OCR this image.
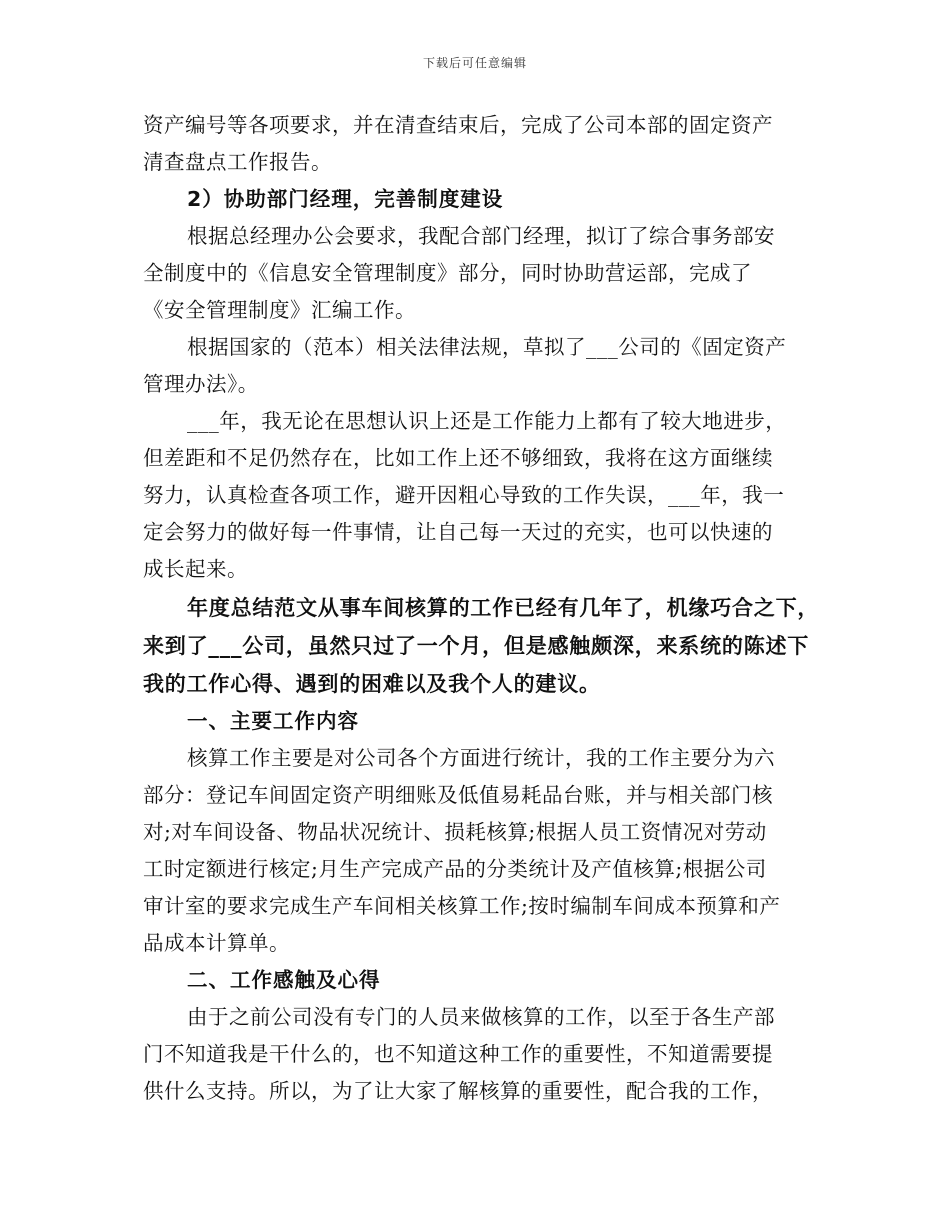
下载后可任意编辑

资产编号等各项要求，并在清查结束后，完成了公司本部的固定资产
清查盘点工作报告。

2）协助部门经理，完善制度建设

根据总经理办公会要求，我配合部门经理，拟订了综合事务部安
全制度中的《信息安全管理制度》部分，同时协助营运部，完成了
《安全管理制度》汇编工作。

根据国家的（范本）相关法律法规，草拟了___公司的《固定资产
管理办法》。

___年，我无论在思想认识上还是工作能力上都有了较大地进步，
但差距和不足仍然存在，比如工作上还不够细致，我将在这方面继续
努力，认真检查各项工作，避开因粗心导致的工作失误，___年，我一
定会努力的做好每一件事情，让自己每一天过的充实，也可以快速的
成长起来。

年度总结范文从事车间核算的工作已经有几年了，机缘巧合之下，
来到了___公司，虽然只过了一个月，但是感触颇深，来系统的陈述下
我的工作心得、遇到的困难以及我个人的建议。

一、主要工作内容

核算工作主要是对公司各个方面进行统计，我的工作主要分为六
部分：登记车间固定资产明细账及低值易耗品台账，并与相关部门核
对;对车间设备、物品状况统计、损耗核算;根据人员工资情况对劳动
工时定额进行核定;月生产完成产品的分类统计及产值核算;根据公司
审计室的要求完成生产车间相关核算工作;按时编制车间成本预算和产
品成本计算单。

二、工作感触及心得

由于之前公司没有专门的人员来做核算的工作，以至于各生产部
门不知道我是干什么的，也不知道这种工作的重要性，不知道需要提
供什么支持。所以，为了让大家了解核算的重要性，配合我的工作，
